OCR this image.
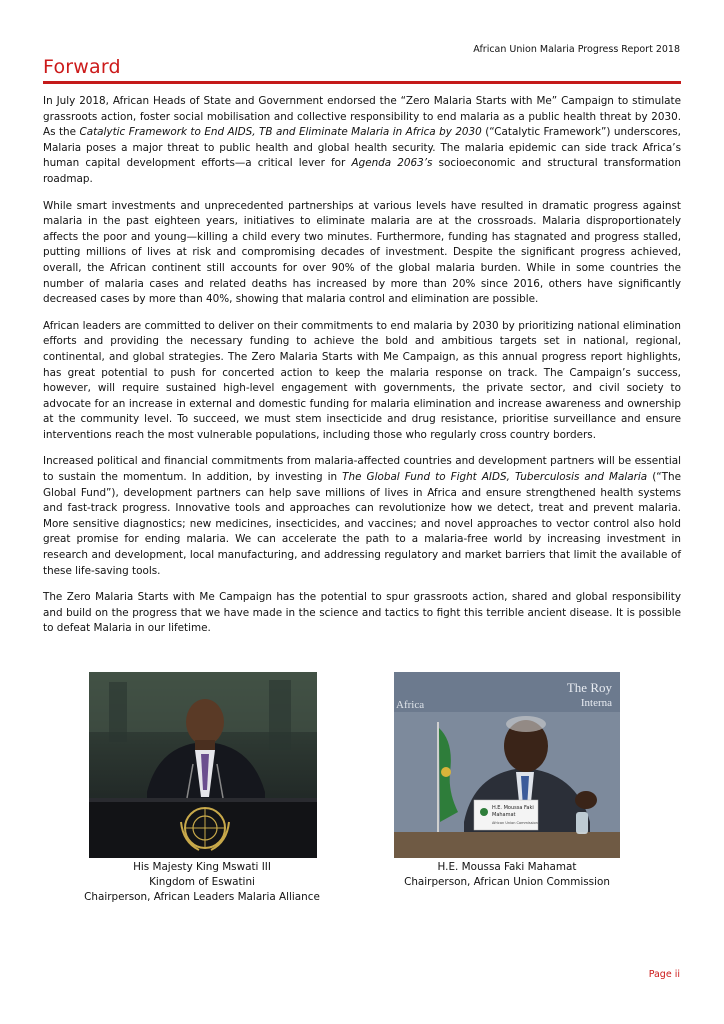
African Union Malaria Progress Report 2018
Forward

In July 2018, African Heads of State and Government endorsed the “Zero Malaria Starts with Me” Campaign to stimulate grassroots action, foster social mobilisation and collective responsibility to end malaria as a public health threat by 2030. As the Catalytic Framework to End AIDS, TB and Eliminate Malaria in Africa by 2030 (“Catalytic Framework”) underscores, Malaria poses a major threat to public health and global health security. The malaria epidemic can side track Africa’s human capital development efforts—a critical lever for Agenda 2063’s socioeconomic and structural transformation roadmap.

While smart investments and unprecedented partnerships at various levels have resulted in dramatic progress against malaria in the past eighteen years, initiatives to eliminate malaria are at the crossroads. Malaria disproportionately affects the poor and young—killing a child every two minutes. Furthermore, funding has stagnated and progress stalled, putting millions of lives at risk and compromising decades of investment. Despite the significant progress achieved, overall, the African continent still accounts for over 90% of the global malaria burden. While in some countries the number of malaria cases and related deaths has increased by more than 20% since 2016, others have significantly decreased cases by more than 40%, showing that malaria control and elimination are possible.

African leaders are committed to deliver on their commitments to end malaria by 2030 by prioritizing national elimination efforts and providing the necessary funding to achieve the bold and ambitious targets set in national, regional, continental, and global strategies. The Zero Malaria Starts with Me Campaign, as this annual progress report highlights, has great potential to push for concerted action to keep the malaria response on track. The Campaign’s success, however, will require sustained high-level engagement with governments, the private sector, and civil society to advocate for an increase in external and domestic funding for malaria elimination and increase awareness and ownership at the community level. To succeed, we must stem insecticide and drug resistance, prioritise surveillance and ensure interventions reach the most vulnerable populations, including those who regularly cross country borders.

Increased political and financial commitments from malaria-affected countries and development partners will be essential to sustain the momentum. In addition, by investing in The Global Fund to Fight AIDS, Tuberculosis and Malaria (“The Global Fund”), development partners can help save millions of lives in Africa and ensure strengthened health systems and fast-track progress. Innovative tools and approaches can revolutionize how we detect, treat and prevent malaria. More sensitive diagnostics; new medicines, insecticides, and vaccines; and novel approaches to vector control also hold great promise for ending malaria. We can accelerate the path to a malaria-free world by increasing investment in research and development, local manufacturing, and addressing regulatory and market barriers that limit the available of these life-saving tools.

The Zero Malaria Starts with Me Campaign has the potential to spur grassroots action, shared and global responsibility and build on the progress that we have made in the science and tactics to fight this terrible ancient disease. It is possible to defeat Malaria in our lifetime.

The Roy
Interna
Africa
H.E. Moussa Faki
Mahamat
African Union Commission
His Majesty King Mswati III
Kingdom of Eswatini
Chairperson, African Leaders Malaria Alliance
H.E. Moussa Faki Mahamat
Chairperson, African Union Commission
Page ii
